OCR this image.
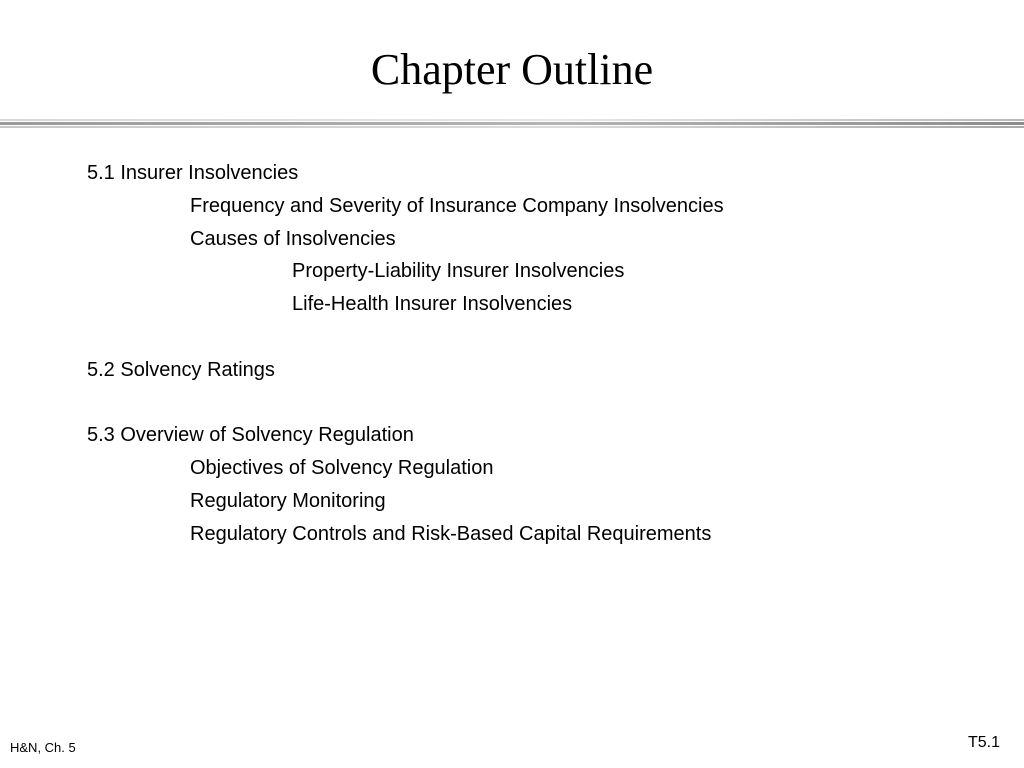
Chapter Outline
5.1 Insurer Insolvencies
Frequency and Severity of Insurance Company Insolvencies
Causes of Insolvencies
Property-Liability Insurer Insolvencies
Life-Health Insurer Insolvencies
5.2 Solvency Ratings
5.3 Overview of Solvency Regulation
Objectives of Solvency Regulation
Regulatory Monitoring
Regulatory Controls and Risk-Based Capital Requirements
H&N, Ch. 5	T5.1
